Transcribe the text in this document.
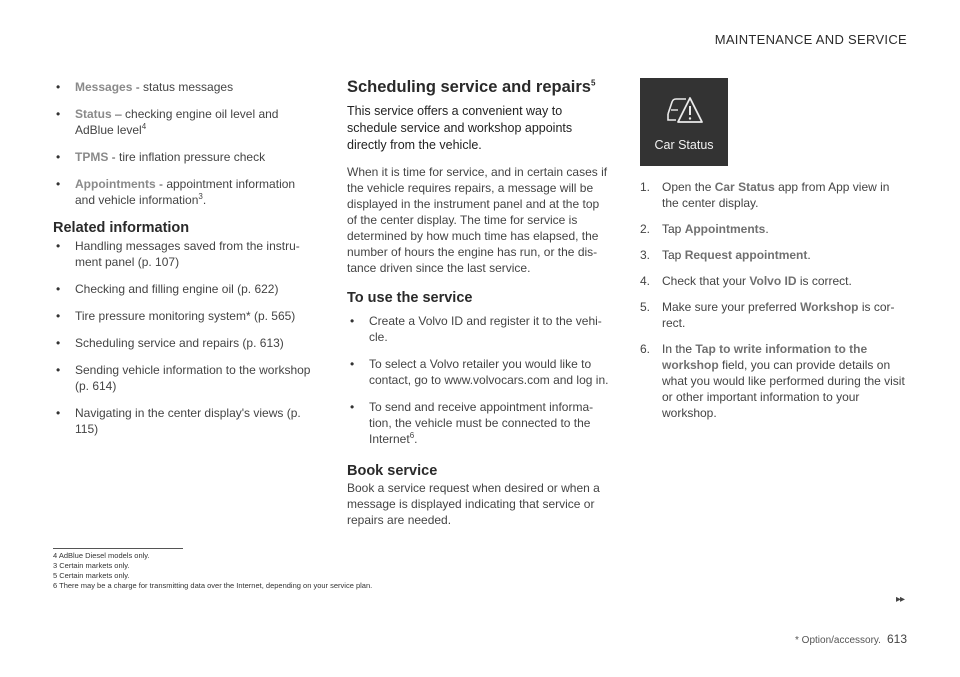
MAINTENANCE AND SERVICE
• Messages - status messages
• Status – checking engine oil level and AdBlue level$^4$
• TPMS - tire inflation pressure check
• Appointments - appointment information and vehicle information$^3$.
Related information
• Handling messages saved from the instru-ment panel (p. 107)
• Checking and filling engine oil (p. 622)
• Tire pressure monitoring system* (p. 565)
• Scheduling service and repairs (p. 613)
• Sending vehicle information to the workshop (p. 614)
• Navigating in the center display's views (p. 115)
Scheduling service and repairs$^5$

This service offers a convenient way to schedule service and workshop appoints directly from the vehicle.

When it is time for service, and in certain cases if the vehicle requires repairs, a message will be displayed in the instrument panel and at the top of the center display. The time for service is determined by how much time has elapsed, the number of hours the engine has run, or the dis-tance driven since the last service.

To use the service
• Create a Volvo ID and register it to the vehi-cle.
• To select a Volvo retailer you would like to contact, go to www.volvocars.com and log in.
• To send and receive appointment informa-tion, the vehicle must be connected to the Internet$^6$.
Book service

Book a service request when desired or when a message is displayed indicating that service or repairs are needed.

Car Status
1. Open the Car Status app from App view in the center display.
2. Tap Appointments.
3. Tap Request appointment.
4. Check that your Volvo ID is correct.
5. Make sure your preferred Workshop is cor-rect.
6. In the Tap to write information to the workshop field, you can provide details on what you would like performed during the visit or other important information to your workshop.
4 AdBlue Diesel models only.
3 Certain markets only.
5 Certain markets only.
6 There may be a charge for transmitting data over the Internet, depending on your service plan.
▸▸
* Option/accessory. 613
